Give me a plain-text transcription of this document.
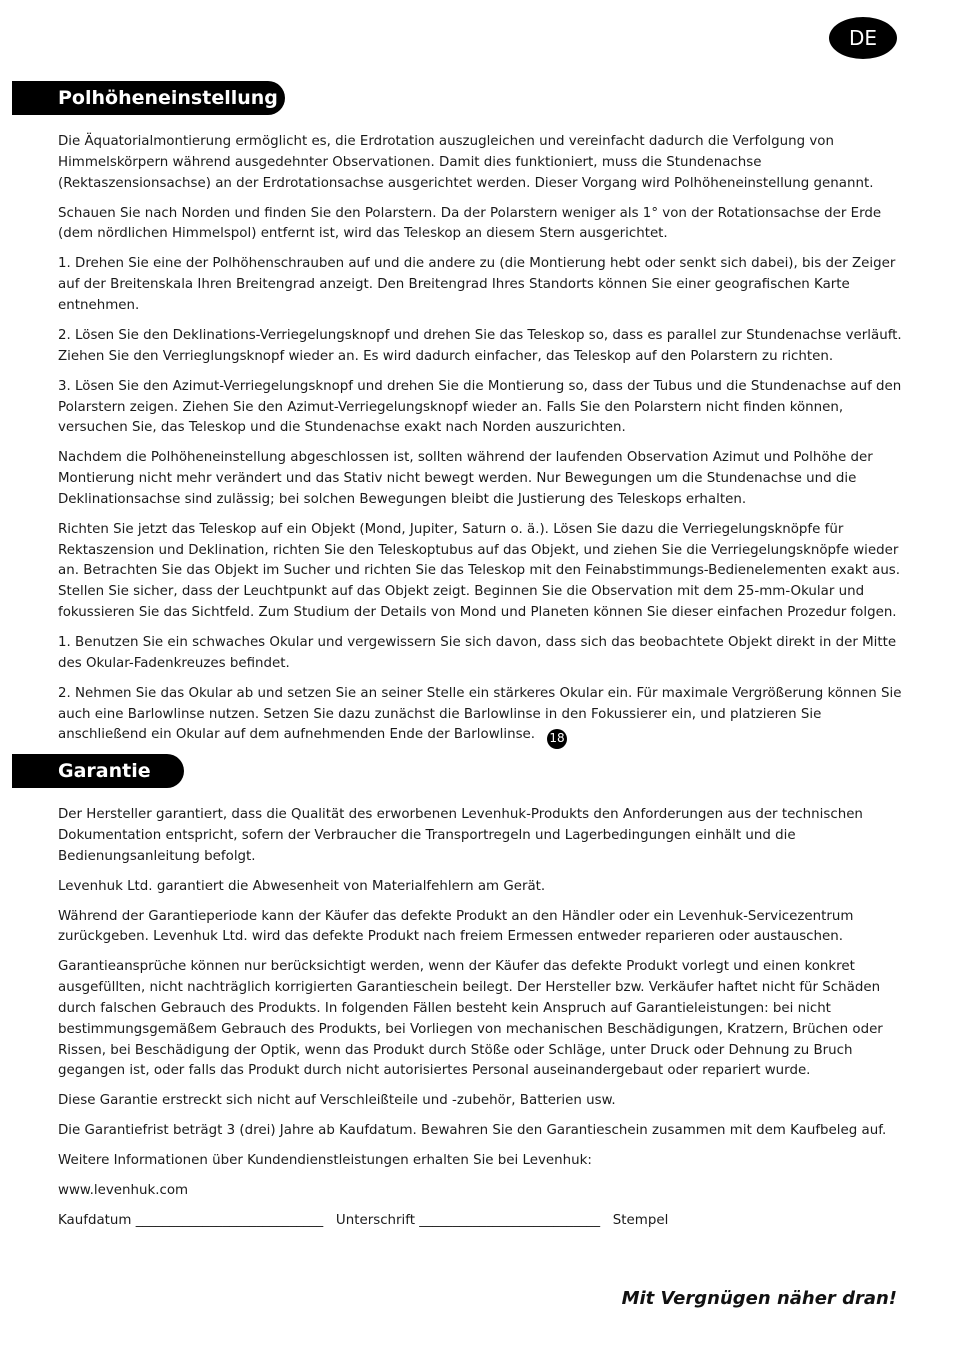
DE
Polhöheneinstellung

Die Äquatorialmontierung ermöglicht es, die Erdrotation auszugleichen und vereinfacht dadurch die Verfolgung von Himmelskörpern während ausgedehnter Observationen. Damit dies funktioniert, muss die Stundenachse (Rektaszensionsachse) an der Erdrotationsachse ausgerichtet werden. Dieser Vorgang wird Polhöheneinstellung genannt.

Schauen Sie nach Norden und finden Sie den Polarstern. Da der Polarstern weniger als 1° von der Rotationsachse der Erde (dem nördlichen Himmelspol) entfernt ist, wird das Teleskop an diesem Stern ausgerichtet.

1. Drehen Sie eine der Polhöhenschrauben auf und die andere zu (die Montierung hebt oder senkt sich dabei), bis der Zeiger auf der Breitenskala Ihren Breitengrad anzeigt. Den Breitengrad Ihres Standorts können Sie einer geografischen Karte entnehmen.

2. Lösen Sie den Deklinations-Verriegelungsknopf und drehen Sie das Teleskop so, dass es parallel zur Stundenachse verläuft. Ziehen Sie den Verrieglungsknopf wieder an. Es wird dadurch einfacher, das Teleskop auf den Polarstern zu richten.

3. Lösen Sie den Azimut-Verriegelungsknopf und drehen Sie die Montierung so, dass der Tubus und die Stundenachse auf den Polarstern zeigen. Ziehen Sie den Azimut-Verriegelungsknopf wieder an. Falls Sie den Polarstern nicht finden können, versuchen Sie, das Teleskop und die Stundenachse exakt nach Norden auszurichten.

Nachdem die Polhöheneinstellung abgeschlossen ist, sollten während der laufenden Observation Azimut und Polhöhe der Montierung nicht mehr verändert und das Stativ nicht bewegt werden. Nur Bewegungen um die Stundenachse und die Deklinationsachse sind zulässig; bei solchen Bewegungen bleibt die Justierung des Teleskops erhalten.

Richten Sie jetzt das Teleskop auf ein Objekt (Mond, Jupiter, Saturn o. ä.). Lösen Sie dazu die Verriegelungsknöpfe für Rektaszension und Deklination, richten Sie den Teleskoptubus auf das Objekt, und ziehen Sie die Verriegelungsknöpfe wieder an. Betrachten Sie das Objekt im Sucher und richten Sie das Teleskop mit den Feinabstimmungs-Bedienelementen exakt aus. Stellen Sie sicher, dass der Leuchtpunkt auf das Objekt zeigt. Beginnen Sie die Observation mit dem 25-mm-Okular und fokussieren Sie das Sichtfeld. Zum Studium der Details von Mond und Planeten können Sie dieser einfachen Prozedur folgen.

1. Benutzen Sie ein schwaches Okular und vergewissern Sie sich davon, dass sich das beobachtete Objekt direkt in der Mitte des Okular-Fadenkreuzes befindet.

2. Nehmen Sie das Okular ab und setzen Sie an seiner Stelle ein stärkeres Okular ein. Für maximale Vergrößerung können Sie auch eine Barlowlinse nutzen. Setzen Sie dazu zunächst die Barlowlinse in den Fokussierer ein, und platzieren Sie anschließend ein Okular auf dem aufnehmenden Ende der Barlowlinse. 18

Garantie

Der Hersteller garantiert, dass die Qualität des erworbenen Levenhuk-Produkts den Anforderungen aus der technischen Dokumentation entspricht, sofern der Verbraucher die Transportregeln und Lagerbedingungen einhält und die Bedienungsanleitung befolgt.

Levenhuk Ltd. garantiert die Abwesenheit von Materialfehlern am Gerät.

Während der Garantieperiode kann der Käufer das defekte Produkt an den Händler oder ein Levenhuk-Servicezentrum zurückgeben. Levenhuk Ltd. wird das defekte Produkt nach freiem Ermessen entweder reparieren oder austauschen.

Garantieansprüche können nur berücksichtigt werden, wenn der Käufer das defekte Produkt vorlegt und einen konkret ausgefüllten, nicht nachträglich korrigierten Garantieschein beilegt. Der Hersteller bzw. Verkäufer haftet nicht für Schäden durch falschen Gebrauch des Produkts. In folgenden Fällen besteht kein Anspruch auf Garantieleistungen: bei nicht bestimmungsgemäßem Gebrauch des Produkts, bei Vorliegen von mechanischen Beschädigungen, Kratzern, Brüchen oder Rissen, bei Beschädigung der Optik, wenn das Produkt durch Stöße oder Schläge, unter Druck oder Dehnung zu Bruch gegangen ist, oder falls das Produkt durch nicht autorisiertes Personal auseinandergebaut oder repariert wurde.

Diese Garantie erstreckt sich nicht auf Verschleißteile und -zubehör, Batterien usw.

Die Garantiefrist beträgt 3 (drei) Jahre ab Kaufdatum. Bewahren Sie den Garantieschein zusammen mit dem Kaufbeleg auf.

Weitere Informationen über Kundendienstleistungen erhalten Sie bei Levenhuk:

www.levenhuk.com

Kaufdatum ____________________________   Unterschrift ___________________________   Stempel

Mit Vergnügen näher dran!
